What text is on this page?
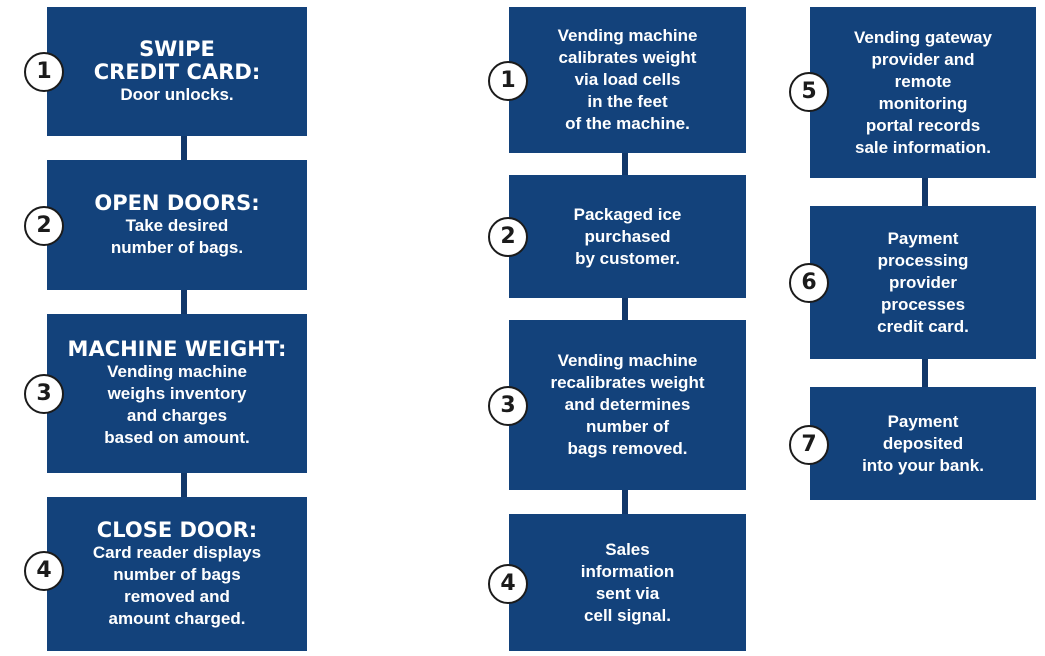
SWIPE
CREDIT CARD:
Door unlocks.
1
OPEN DOORS:
Take desired
number of bags.
2
MACHINE WEIGHT:
Vending machine
weighs inventory
and charges
based on amount.
3
CLOSE DOOR:
Card reader displays
number of bags
removed and
amount charged.
4
Vending machine
calibrates weight
via load cells
in the feet
of the machine.
1
Packaged ice
purchased
by customer.
2
Vending machine
recalibrates weight
and determines
number of
bags removed.
3
Sales
information
sent via
cell signal.
4
Vending gateway
provider and
remote
monitoring
portal records
sale information.
5
Payment
processing
provider
processes
credit card.
6
Payment
deposited
into your bank.
7
